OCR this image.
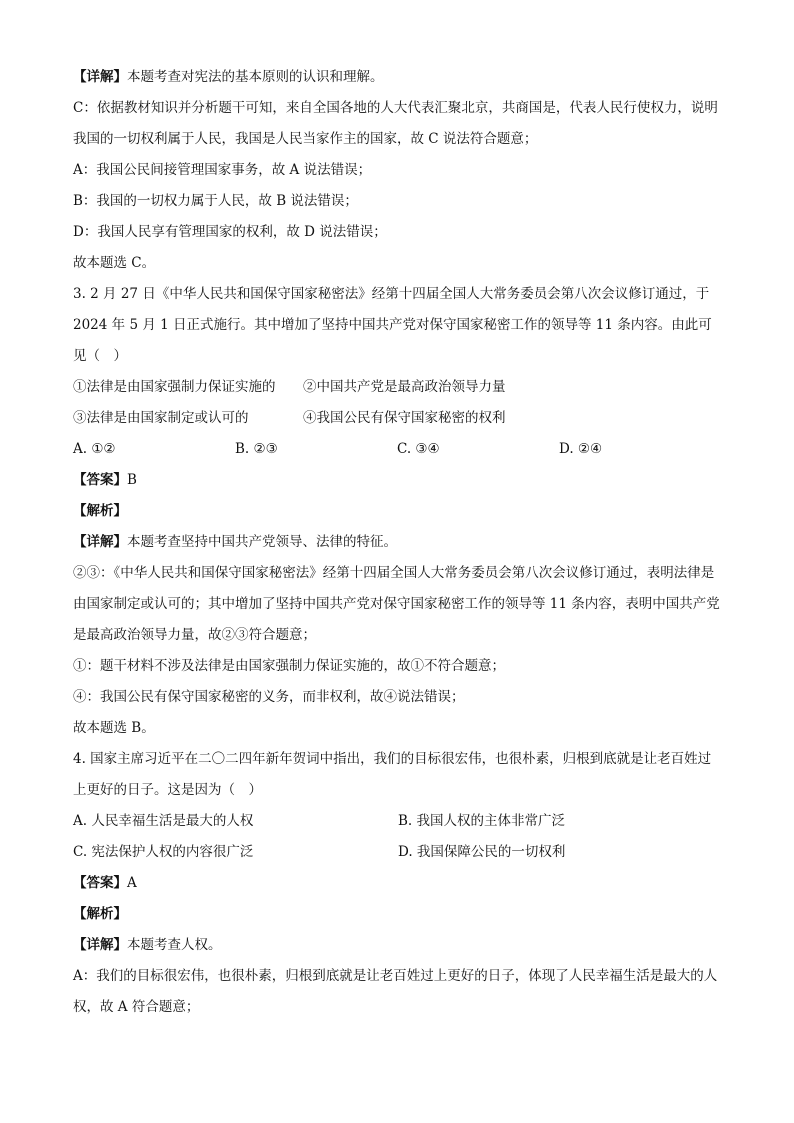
【详解】本题考查对宪法的基本原则的认识和理解。
C：依据教材知识并分析题干可知，来自全国各地的人大代表汇聚北京，共商国是，代表人民行使权力，说明我国的一切权利属于人民，我国是人民当家作主的国家，故 C 说法符合题意；
A：我国公民间接管理国家事务，故 A 说法错误；
B：我国的一切权力属于人民，故 B 说法错误；
D：我国人民享有管理国家的权利，故 D 说法错误；
故本题选 C。
3. 2 月 27 日《中华人民共和国保守国家秘密法》经第十四届全国人大常务委员会第八次会议修订通过，于 2024 年 5 月 1 日正式施行。其中增加了坚持中国共产党对保守国家秘密工作的领导等 11 条内容。由此可见（　）
①法律是由国家强制力保证实施的	②中国共产党是最高政治领导力量
③法律是由国家制定或认可的	④我国公民有保守国家秘密的权利
A. ①②	B. ②③	C. ③④	D. ②④
【答案】B
【解析】
【详解】本题考查坚持中国共产党领导、法律的特征。
②③：《中华人民共和国保守国家秘密法》经第十四届全国人大常务委员会第八次会议修订通过，表明法律是由国家制定或认可的；其中增加了坚持中国共产党对保守国家秘密工作的领导等 11 条内容，表明中国共产党是最高政治领导力量，故②③符合题意；
①：题干材料不涉及法律是由国家强制力保证实施的，故①不符合题意；
④：我国公民有保守国家秘密的义务，而非权利，故④说法错误；
故本题选 B。
4. 国家主席习近平在二〇二四年新年贺词中指出，我们的目标很宏伟，也很朴素，归根到底就是让老百姓过上更好的日子。这是因为（　）
A. 人民幸福生活是最大的人权	B. 我国人权的主体非常广泛
C. 宪法保护人权的内容很广泛	D. 我国保障公民的一切权利
【答案】A
【解析】
【详解】本题考查人权。
A：我们的目标很宏伟，也很朴素，归根到底就是让老百姓过上更好的日子，体现了人民幸福生活是最大的人权，故 A 符合题意；
